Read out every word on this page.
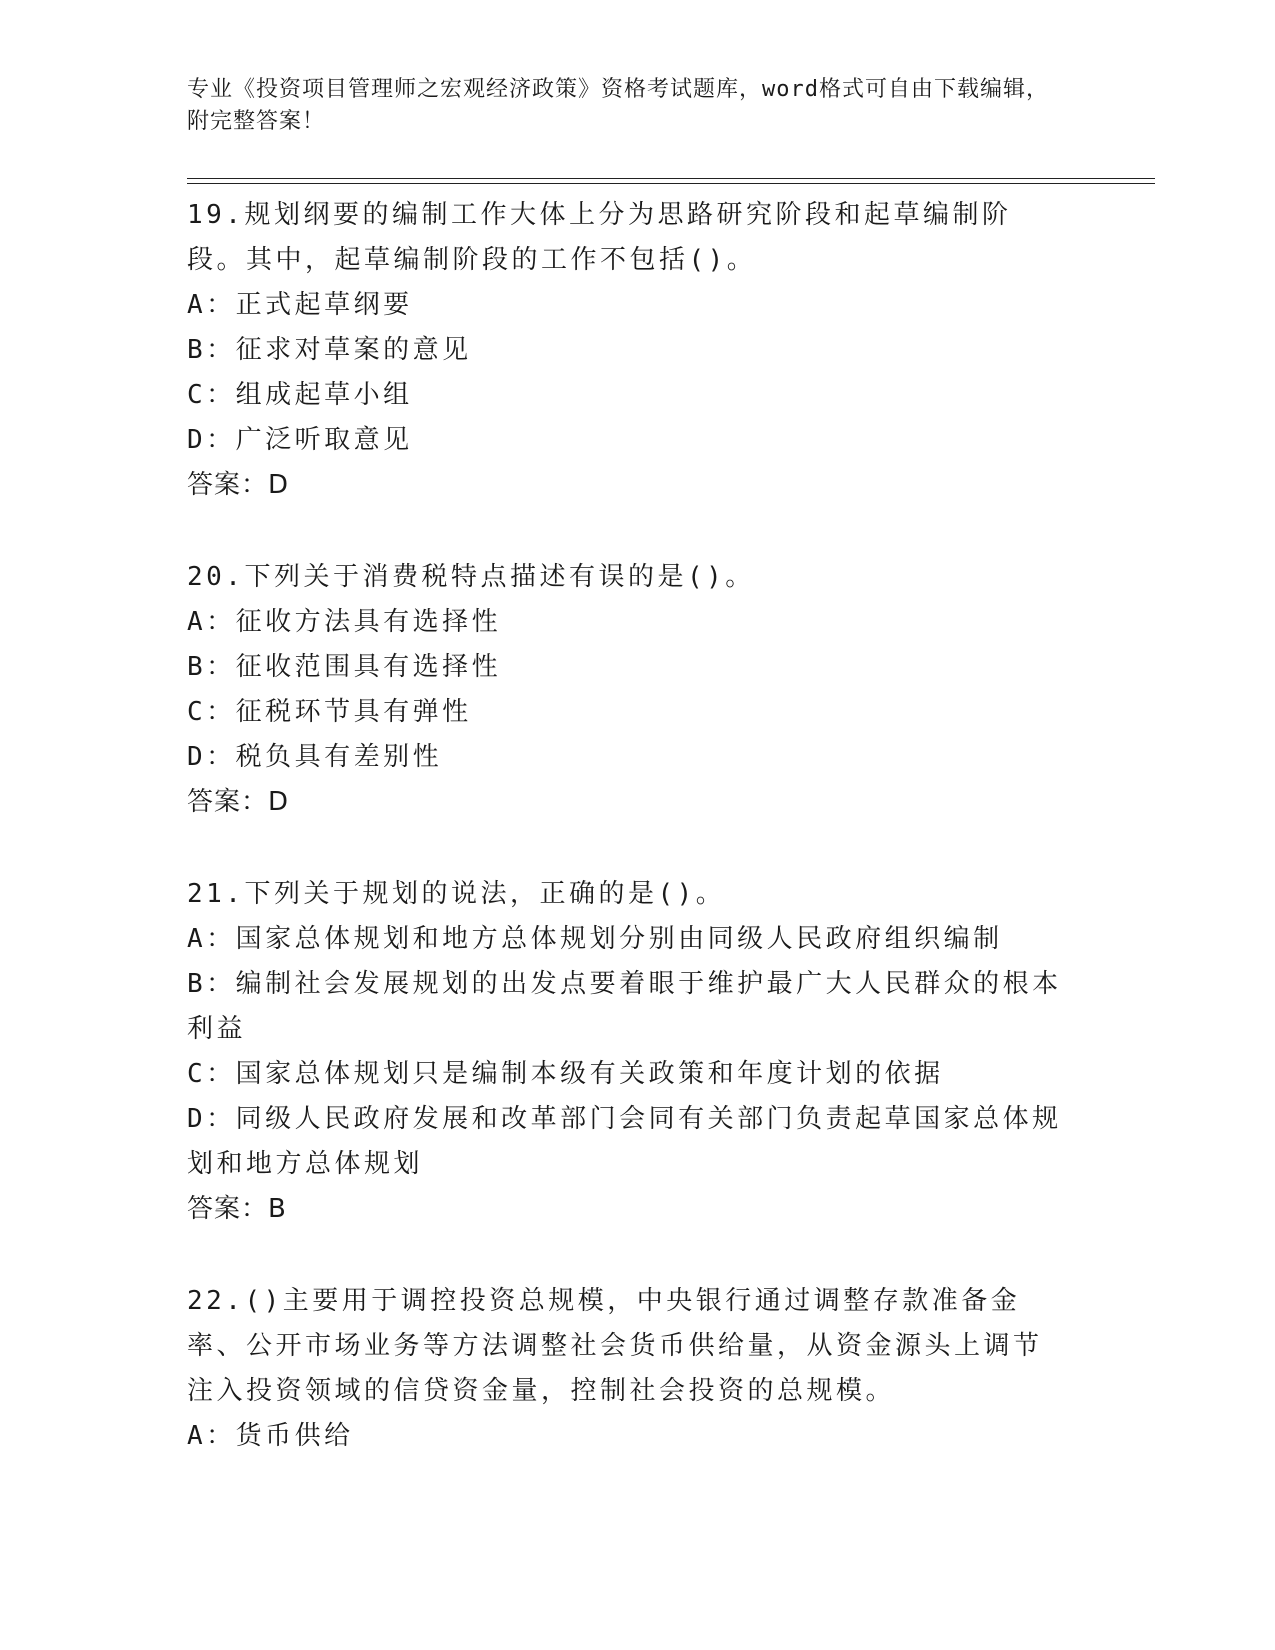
专业《投资项目管理师之宏观经济政策》资格考试题库，word格式可自由下载编辑，附完整答案！
19.规划纲要的编制工作大体上分为思路研究阶段和起草编制阶段。其中，起草编制阶段的工作不包括()。
A：正式起草纲要
B：征求对草案的意见
C：组成起草小组
D：广泛听取意见
答案：D
20.下列关于消费税特点描述有误的是()。
A：征收方法具有选择性
B：征收范围具有选择性
C：征税环节具有弹性
D：税负具有差别性
答案：D
21.下列关于规划的说法，正确的是()。
A：国家总体规划和地方总体规划分别由同级人民政府组织编制
B：编制社会发展规划的出发点要着眼于维护最广大人民群众的根本利益
C：国家总体规划只是编制本级有关政策和年度计划的依据
D：同级人民政府发展和改革部门会同有关部门负责起草国家总体规划和地方总体规划
答案：B
22.()主要用于调控投资总规模，中央银行通过调整存款准备金率、公开市场业务等方法调整社会货币供给量，从资金源头上调节注入投资领域的信贷资金量，控制社会投资的总规模。
A：货币供给
